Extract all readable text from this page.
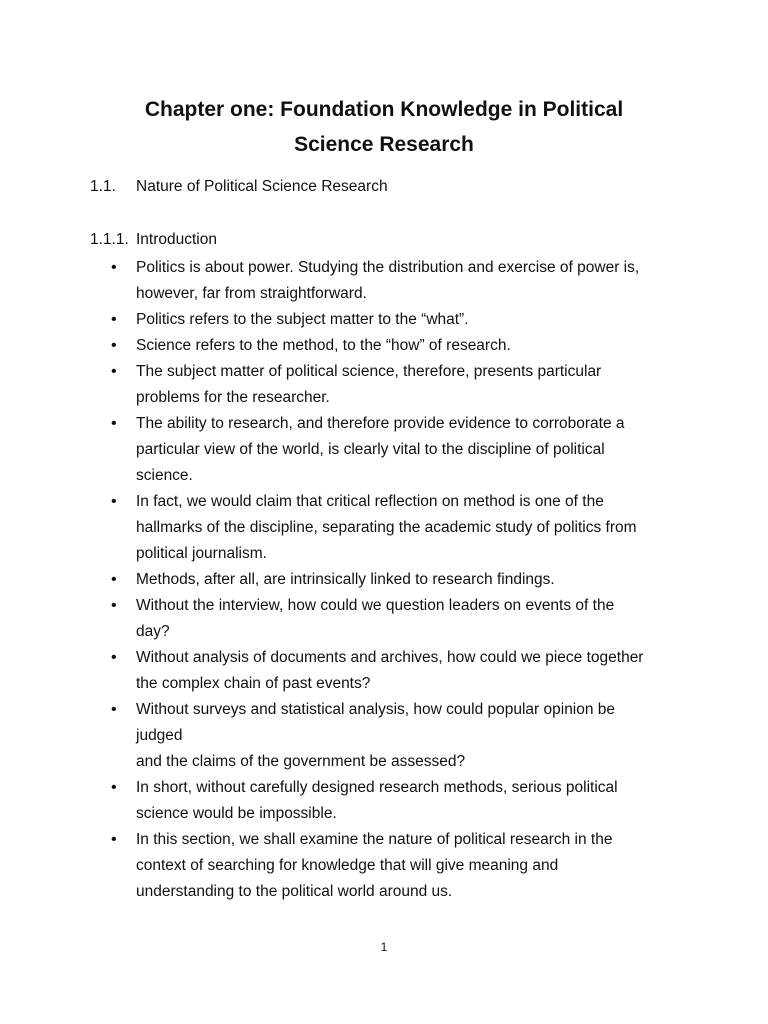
Chapter one: Foundation Knowledge in Political
Science Research
1.1. Nature of Political Science Research
1.1.1. Introduction
• Politics is about power. Studying the distribution and exercise of power is,
however, far from straightforward.
• Politics refers to the subject matter to the “what”.
• Science refers to the method, to the “how” of research.
• The subject matter of political science, therefore, presents particular
problems for the researcher.
• The ability to research, and therefore provide evidence to corroborate a
particular view of the world, is clearly vital to the discipline of political
science.
• In fact, we would claim that critical reflection on method is one of the
hallmarks of the discipline, separating the academic study of politics from
political journalism.
• Methods, after all, are intrinsically linked to research findings.
• Without the interview, how could we question leaders on events of the
day?
• Without analysis of documents and archives, how could we piece together
the complex chain of past events?
• Without surveys and statistical analysis, how could popular opinion be
judged
and the claims of the government be assessed?
• In short, without carefully designed research methods, serious political
science would be impossible.
• In this section, we shall examine the nature of political research in the
context of searching for knowledge that will give meaning and
understanding to the political world around us.
1
